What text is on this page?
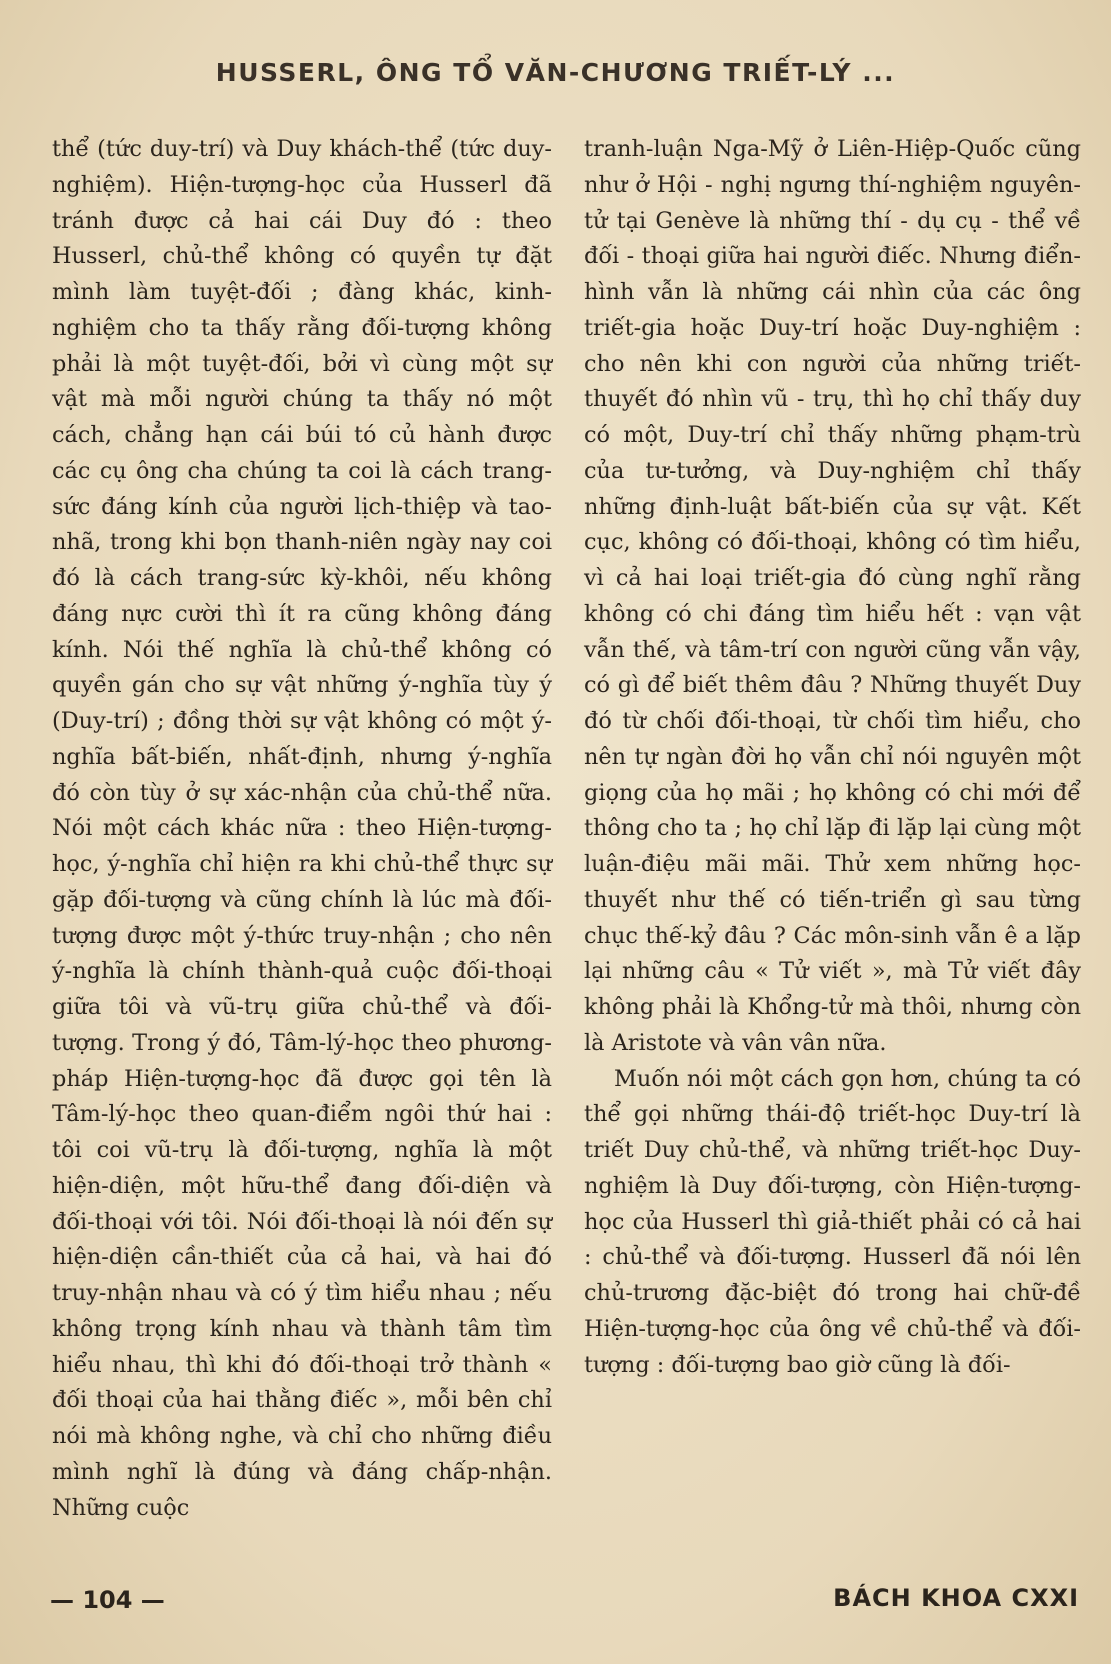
HUSSERL, ÔNG TỔ VĂN-CHƯƠNG TRIẾT-LÝ ...

thể (tức duy-trí) và Duy khách-thể (tức duy-nghiệm). Hiện-tượng-học của Husserl đã tránh được cả hai cái Duy đó : theo Husserl, chủ-thể không có quyền tự đặt mình làm tuyệt-đối ; đàng khác, kinh-nghiệm cho ta thấy rằng đối-tượng không phải là một tuyệt-đối, bởi vì cùng một sự vật mà mỗi người chúng ta thấy nó một cách, chẳng hạn cái búi tó củ hành được các cụ ông cha chúng ta coi là cách trang-sức đáng kính của người lịch-thiệp và tao-nhã, trong khi bọn thanh-niên ngày nay coi đó là cách trang-sức kỳ-khôi, nếu không đáng nực cười thì ít ra cũng không đáng kính. Nói thế nghĩa là chủ-thể không có quyền gán cho sự vật những ý-nghĩa tùy ý (Duy-trí) ; đồng thời sự vật không có một ý-nghĩa bất-biến, nhất-định, nhưng ý-nghĩa đó còn tùy ở sự xác-nhận của chủ-thể nữa. Nói một cách khác nữa : theo Hiện-tượng-học, ý-nghĩa chỉ hiện ra khi chủ-thể thực sự gặp đối-tượng và cũng chính là lúc mà đối-tượng được một ý-thức truy-nhận ; cho nên ý-nghĩa là chính thành-quả cuộc đối-thoại giữa tôi và vũ-trụ giữa chủ-thể và đối-tượng. Trong ý đó, Tâm-lý-học theo phương-pháp Hiện-tượng-học đã được gọi tên là Tâm-lý-học theo quan-điểm ngôi thứ hai : tôi coi vũ-trụ là đối-tượng, nghĩa là một hiện-diện, một hữu-thể đang đối-diện và đối-thoại với tôi. Nói đối-thoại là nói đến sự hiện-diện cần-thiết của cả hai, và hai đó truy-nhận nhau và có ý tìm hiểu nhau ; nếu không trọng kính nhau và thành tâm tìm hiểu nhau, thì khi đó đối-thoại trở thành « đối thoại của hai thằng điếc », mỗi bên chỉ nói mà không nghe, và chỉ cho những điều mình nghĩ là đúng và đáng chấp-nhận. Những cuộc

tranh-luận Nga-Mỹ ở Liên-Hiệp-Quốc cũng như ở Hội - nghị ngưng thí-nghiệm nguyên-tử tại Genève là những thí - dụ cụ - thể về đối - thoại giữa hai người điếc. Nhưng điển-hình vẫn là những cái nhìn của các ông triết-gia hoặc Duy-trí hoặc Duy-nghiệm : cho nên khi con người của những triết-thuyết đó nhìn vũ - trụ, thì họ chỉ thấy duy có một, Duy-trí chỉ thấy những phạm-trù của tư-tưởng, và Duy-nghiệm chỉ thấy những định-luật bất-biến của sự vật. Kết cục, không có đối-thoại, không có tìm hiểu, vì cả hai loại triết-gia đó cùng nghĩ rằng không có chi đáng tìm hiểu hết : vạn vật vẫn thế, và tâm-trí con người cũng vẫn vậy, có gì để biết thêm đâu ? Những thuyết Duy đó từ chối đối-thoại, từ chối tìm hiểu, cho nên tự ngàn đời họ vẫn chỉ nói nguyên một giọng của họ mãi ; họ không có chi mới để thông cho ta ; họ chỉ lặp đi lặp lại cùng một luận-điệu mãi mãi. Thử xem những học-thuyết như thế có tiến-triển gì sau từng chục thế-kỷ đâu ? Các môn-sinh vẫn ê a lặp lại những câu « Tử viết », mà Tử viết đây không phải là Khổng-tử mà thôi, nhưng còn là Aristote và vân vân nữa.

Muốn nói một cách gọn hơn, chúng ta có thể gọi những thái-độ triết-học Duy-trí là triết Duy chủ-thể, và những triết-học Duy-nghiệm là Duy đối-tượng, còn Hiện-tượng-học của Husserl thì giả-thiết phải có cả hai : chủ-thể và đối-tượng. Husserl đã nói lên chủ-trương đặc-biệt đó trong hai chữ-đề Hiện-tượng-học của ông về chủ-thể và đối-tượng : đối-tượng bao giờ cũng là đối-

— 104 —	BÁCH KHOA CXXI
